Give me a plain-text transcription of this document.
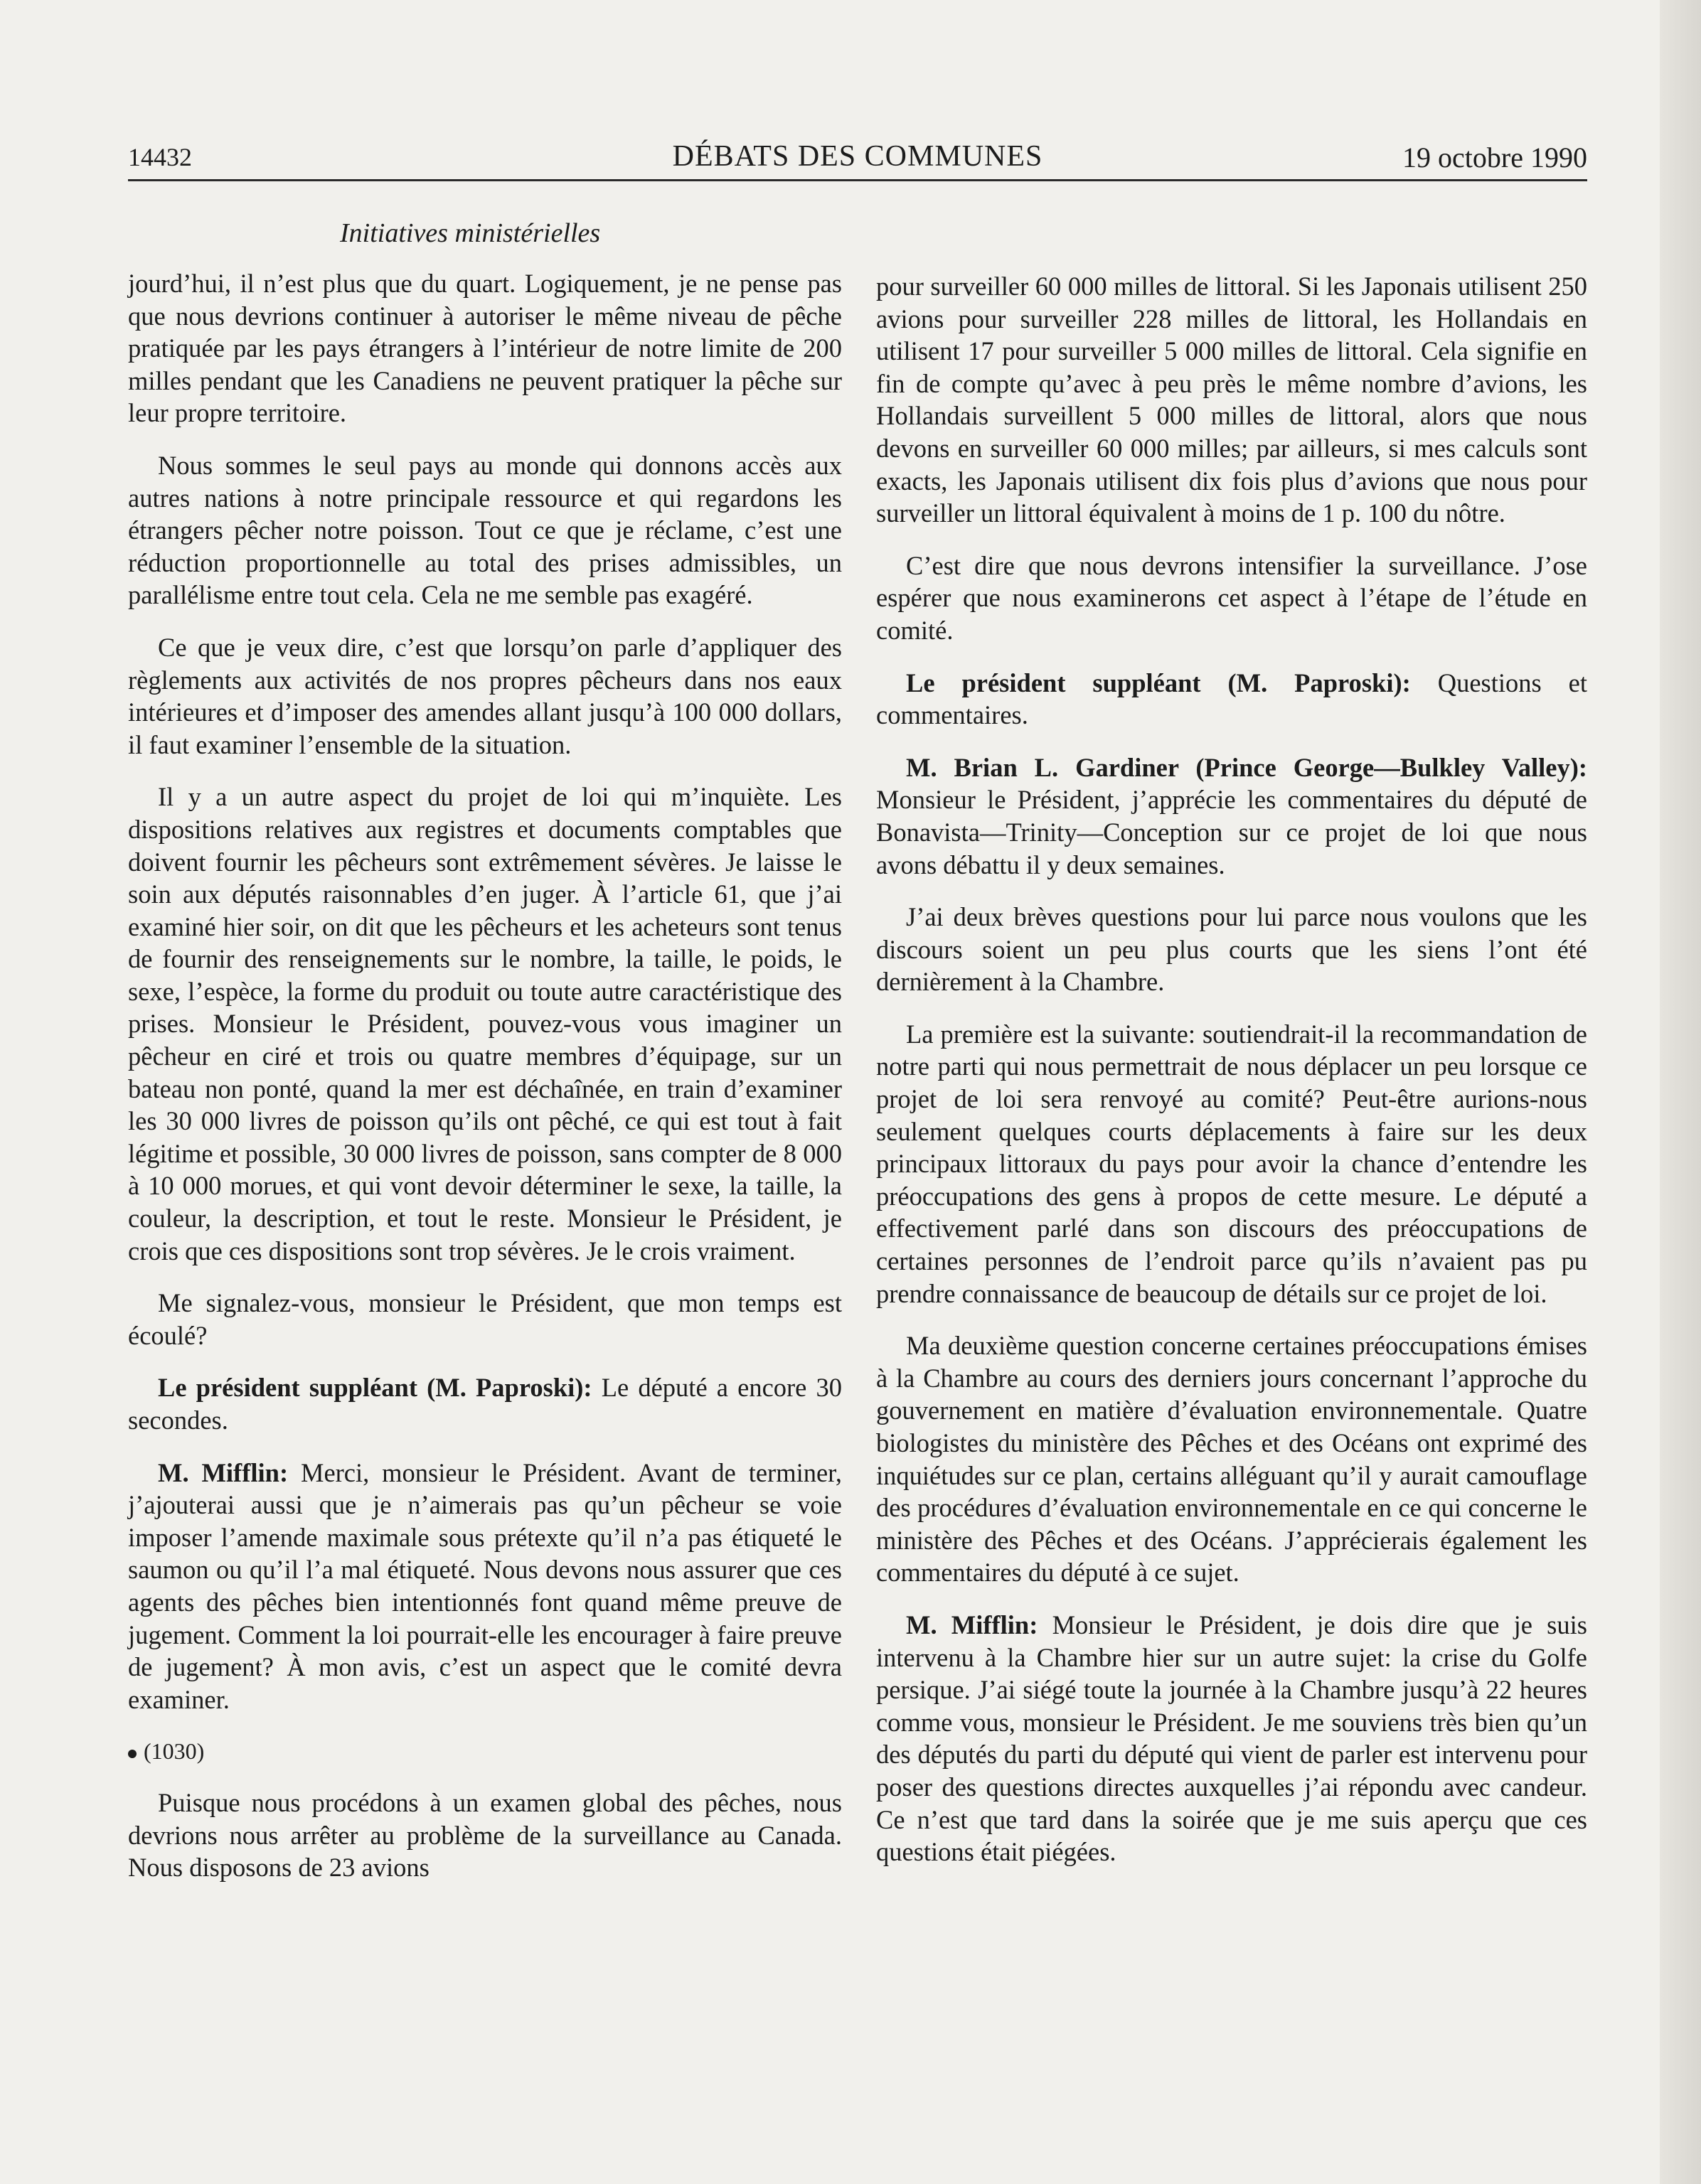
14432	DÉBATS DES COMMUNES	19 octobre 1990
Initiatives ministérielles

jourd’hui, il n’est plus que du quart. Logiquement, je ne pense pas que nous devrions continuer à autoriser le même niveau de pêche pratiquée par les pays étrangers à l’intérieur de notre limite de 200 milles pendant que les Canadiens ne peuvent pratiquer la pêche sur leur propre territoire.

Nous sommes le seul pays au monde qui donnons accès aux autres nations à notre principale ressource et qui regardons les étrangers pêcher notre poisson. Tout ce que je réclame, c’est une réduction proportionnelle au total des prises admissibles, un parallélisme entre tout cela. Cela ne me semble pas exagéré.

Ce que je veux dire, c’est que lorsqu’on parle d’appliquer des règlements aux activités de nos propres pêcheurs dans nos eaux intérieures et d’imposer des amendes allant jusqu’à 100 000 dollars, il faut examiner l’ensemble de la situation.

Il y a un autre aspect du projet de loi qui m’inquiète. Les dispositions relatives aux registres et documents comptables que doivent fournir les pêcheurs sont extrêmement sévères. Je laisse le soin aux députés raisonnables d’en juger. À l’article 61, que j’ai examiné hier soir, on dit que les pêcheurs et les acheteurs sont tenus de fournir des renseignements sur le nombre, la taille, le poids, le sexe, l’espèce, la forme du produit ou toute autre caractéristique des prises. Monsieur le Président, pouvez-vous vous imaginer un pêcheur en ciré et trois ou quatre membres d’équipage, sur un bateau non ponté, quand la mer est déchaînée, en train d’examiner les 30 000 livres de poisson qu’ils ont pêché, ce qui est tout à fait légitime et possible, 30 000 livres de poisson, sans compter de 8 000 à 10 000 morues, et qui vont devoir déterminer le sexe, la taille, la couleur, la description, et tout le reste. Monsieur le Président, je crois que ces dispositions sont trop sévères. Je le crois vraiment.

Me signalez-vous, monsieur le Président, que mon temps est écoulé?

Le président suppléant (M. Paproski): Le député a encore 30 secondes.

M. Mifflin: Merci, monsieur le Président. Avant de terminer, j’ajouterai aussi que je n’aimerais pas qu’un pêcheur se voie imposer l’amende maximale sous prétexte qu’il n’a pas étiqueté le saumon ou qu’il l’a mal étiqueté. Nous devons nous assurer que ces agents des pêches bien intentionnés font quand même preuve de jugement. Comment la loi pourrait-elle les encourager à faire preuve de jugement? À mon avis, c’est un aspect que le comité devra examiner.

(1030)

Puisque nous procédons à un examen global des pêches, nous devrions nous arrêter au problème de la surveillance au Canada. Nous disposons de 23 avions

pour surveiller 60 000 milles de littoral. Si les Japonais utilisent 250 avions pour surveiller 228 milles de littoral, les Hollandais en utilisent 17 pour surveiller 5 000 milles de littoral. Cela signifie en fin de compte qu’avec à peu près le même nombre d’avions, les Hollandais surveillent 5 000 milles de littoral, alors que nous devons en surveiller 60 000 milles; par ailleurs, si mes calculs sont exacts, les Japonais utilisent dix fois plus d’avions que nous pour surveiller un littoral équivalent à moins de 1 p. 100 du nôtre.

C’est dire que nous devrons intensifier la surveillance. J’ose espérer que nous examinerons cet aspect à l’étape de l’étude en comité.

Le président suppléant (M. Paproski): Questions et commentaires.

M. Brian L. Gardiner (Prince George—Bulkley Valley): Monsieur le Président, j’apprécie les commentaires du député de Bonavista—Trinity—Conception sur ce projet de loi que nous avons débattu il y deux semaines.

J’ai deux brèves questions pour lui parce nous voulons que les discours soient un peu plus courts que les siens l’ont été dernièrement à la Chambre.

La première est la suivante: soutiendrait-il la recommandation de notre parti qui nous permettrait de nous déplacer un peu lorsque ce projet de loi sera renvoyé au comité? Peut-être aurions-nous seulement quelques courts déplacements à faire sur les deux principaux littoraux du pays pour avoir la chance d’entendre les préoccupations des gens à propos de cette mesure. Le député a effectivement parlé dans son discours des préoccupations de certaines personnes de l’endroit parce qu’ils n’avaient pas pu prendre connaissance de beaucoup de détails sur ce projet de loi.

Ma deuxième question concerne certaines préoccupations émises à la Chambre au cours des derniers jours concernant l’approche du gouvernement en matière d’évaluation environnementale. Quatre biologistes du ministère des Pêches et des Océans ont exprimé des inquiétudes sur ce plan, certains alléguant qu’il y aurait camouflage des procédures d’évaluation environnementale en ce qui concerne le ministère des Pêches et des Océans. J’apprécierais également les commentaires du député à ce sujet.

M. Mifflin: Monsieur le Président, je dois dire que je suis intervenu à la Chambre hier sur un autre sujet: la crise du Golfe persique. J’ai siégé toute la journée à la Chambre jusqu’à 22 heures comme vous, monsieur le Président. Je me souviens très bien qu’un des députés du parti du député qui vient de parler est intervenu pour poser des questions directes auxquelles j’ai répondu avec candeur. Ce n’est que tard dans la soirée que je me suis aperçu que ces questions était piégées.
